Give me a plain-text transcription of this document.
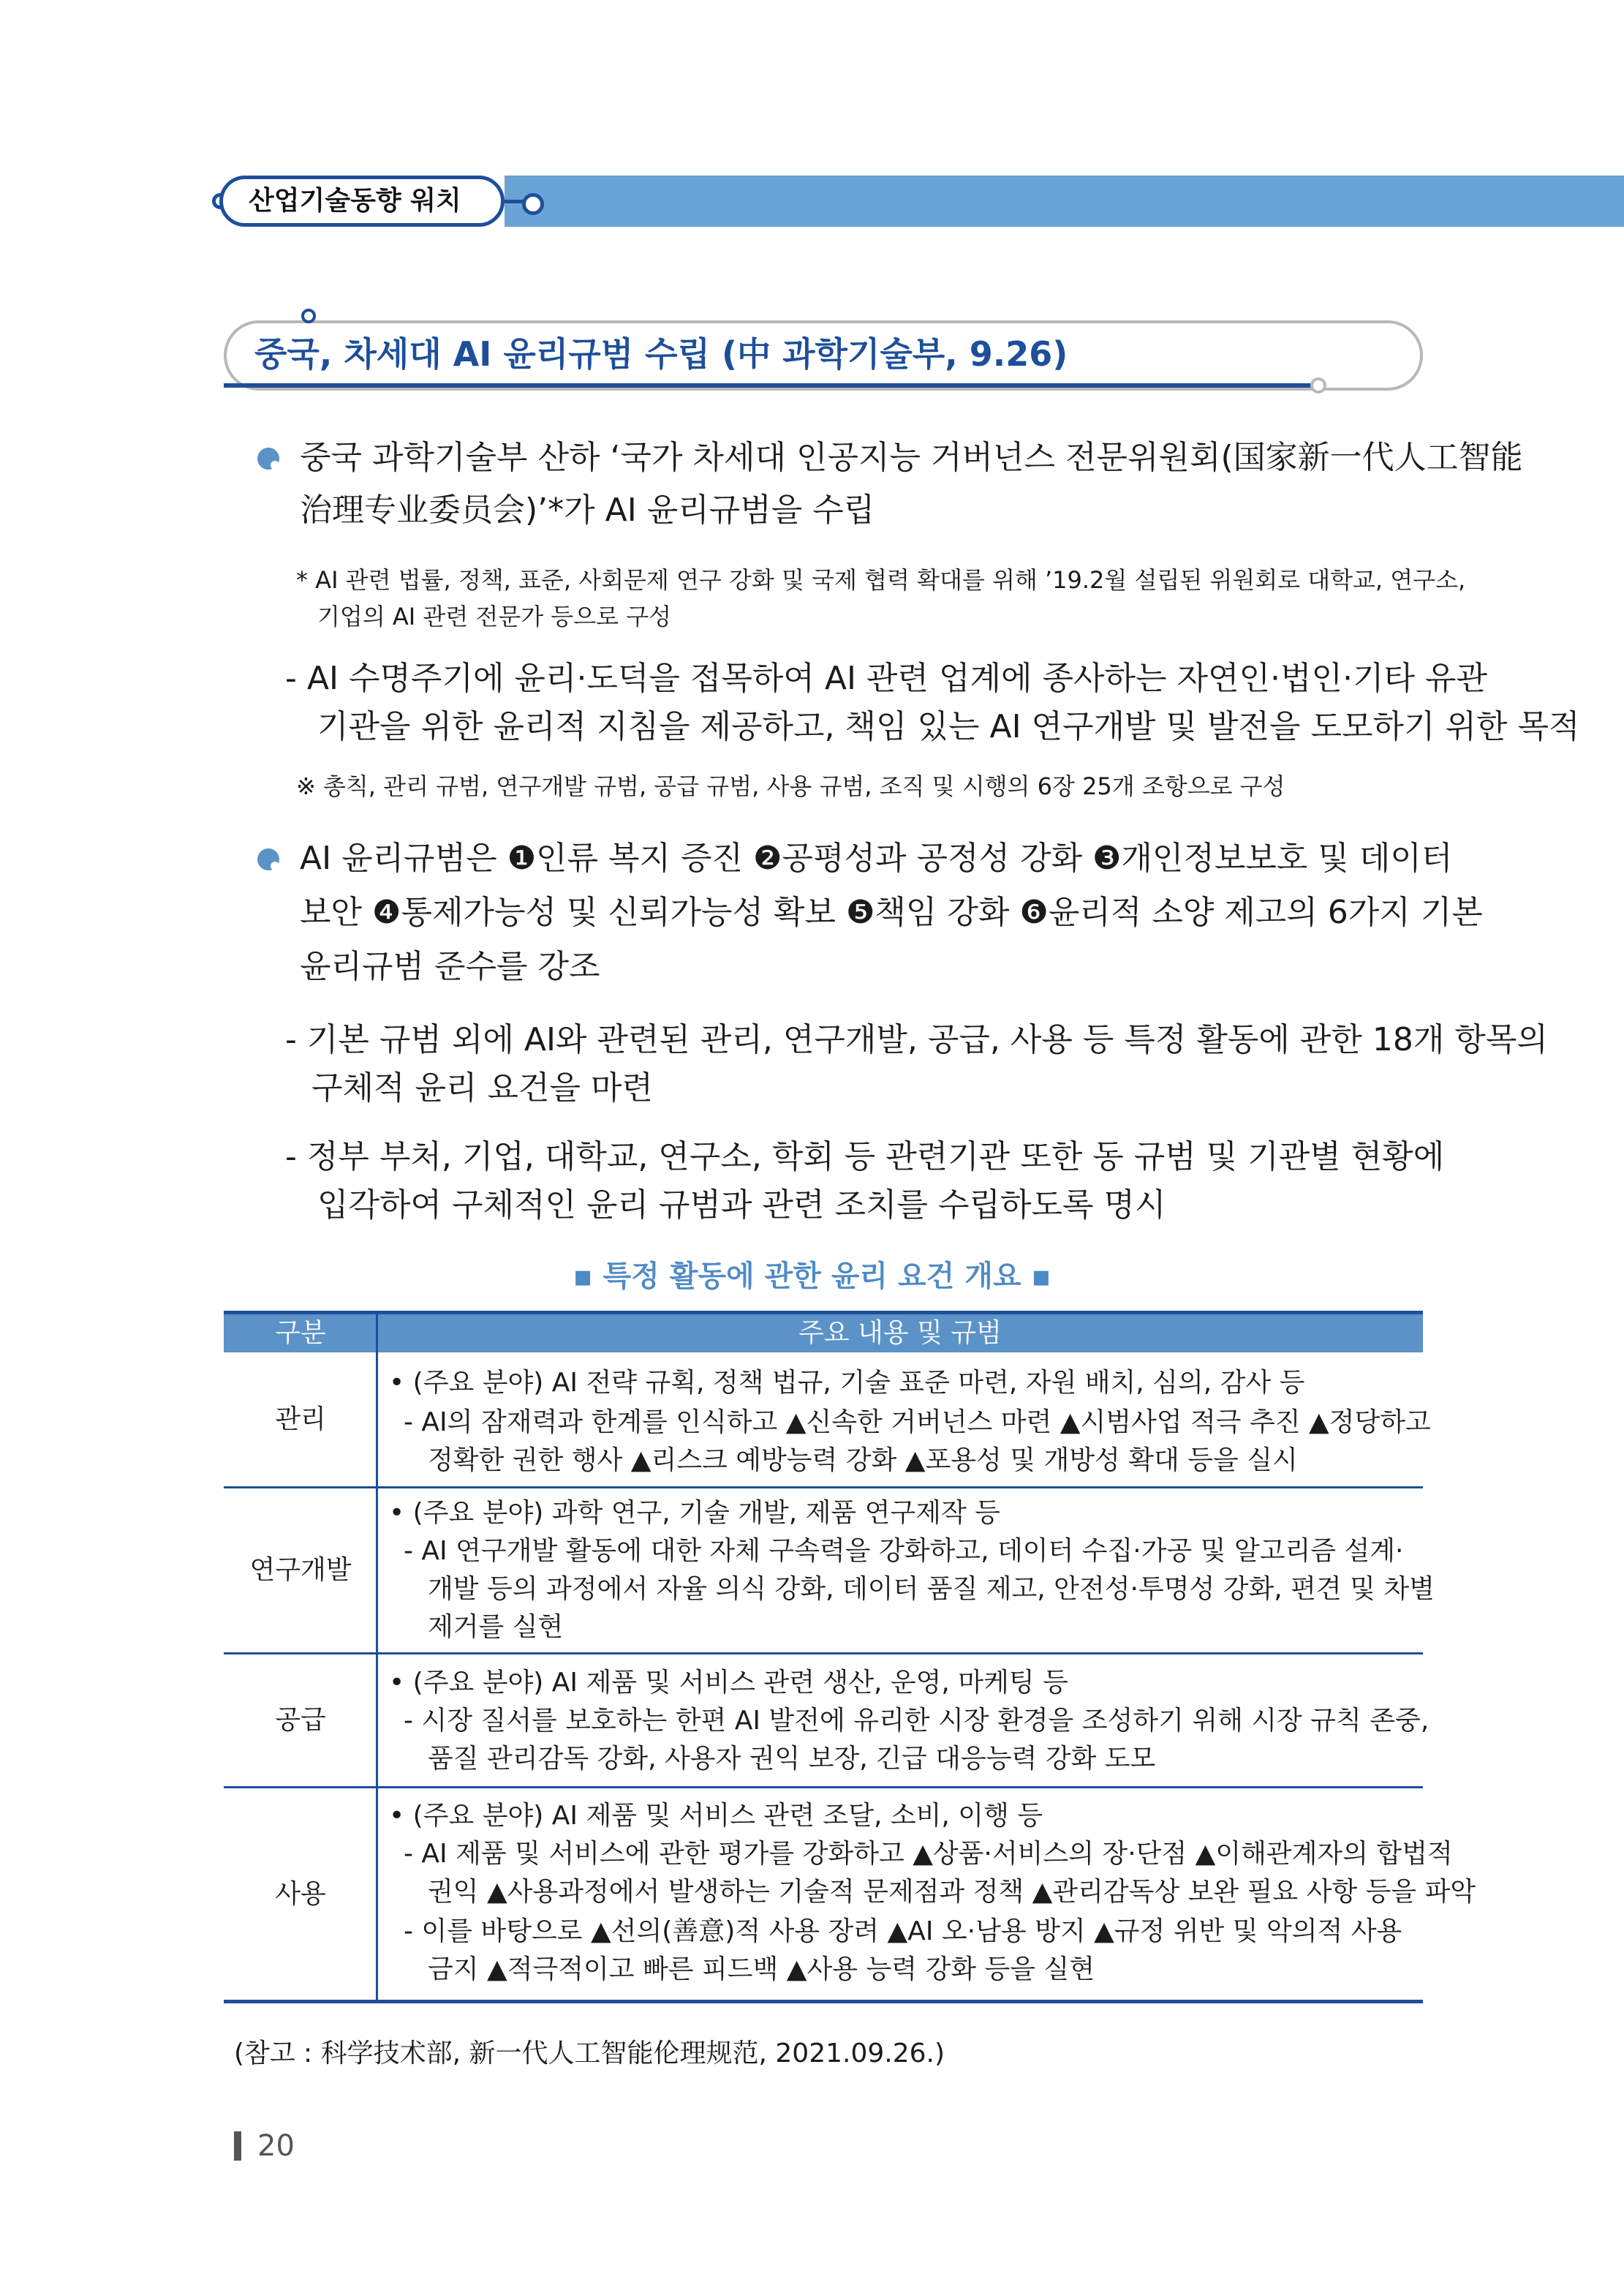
산업기술동향 워치
중국, 차세대 AI 윤리규범 수립 (中 과학기술부, 9.26)
중국 과학기술부 산하 ‘국가 차세대 인공지능 거버넌스 전문위원회(国家新一代人工智能
治理专业委员会)’*가 AI 윤리규범을 수립
* AI 관련 법률, 정책, 표준, 사회문제 연구 강화 및 국제 협력 확대를 위해 ’19.2월 설립된 위원회로 대학교, 연구소,
기업의 AI 관련 전문가 등으로 구성
- AI 수명주기에 윤리·도덕을 접목하여 AI 관련 업계에 종사하는 자연인·법인·기타 유관
기관을 위한 윤리적 지침을 제공하고, 책임 있는 AI 연구개발 및 발전을 도모하기 위한 목적
※ 총칙, 관리 규범, 연구개발 규범, 공급 규범, 사용 규범, 조직 및 시행의 6장 25개 조항으로 구성
AI 윤리규범은 ❶인류 복지 증진 ❷공평성과 공정성 강화 ❸개인정보보호 및 데이터
보안 ❹통제가능성 및 신뢰가능성 확보 ❺책임 강화 ❻윤리적 소양 제고의 6가지 기본
윤리규범 준수를 강조
- 기본 규범 외에 AI와 관련된 관리, 연구개발, 공급, 사용 등 특정 활동에 관한 18개 항목의
구체적 윤리 요건을 마련
- 정부 부처, 기업, 대학교, 연구소, 학회 등 관련기관 또한 동 규범 및 기관별 현황에
입각하여 구체적인 윤리 규범과 관련 조치를 수립하도록 명시
▪ 특정 활동에 관한 윤리 요건 개요 ▪
구분	주요 내용 및 규범
관리
• (주요 분야) AI 전략 규획, 정책 법규, 기술 표준 마련, 자원 배치, 심의, 감사 등
- AI의 잠재력과 한계를 인식하고 ▲신속한 거버넌스 마련 ▲시범사업 적극 추진 ▲정당하고
정확한 권한 행사 ▲리스크 예방능력 강화 ▲포용성 및 개방성 확대 등을 실시
연구개발
• (주요 분야) 과학 연구, 기술 개발, 제품 연구제작 등
- AI 연구개발 활동에 대한 자체 구속력을 강화하고, 데이터 수집·가공 및 알고리즘 설계·
개발 등의 과정에서 자율 의식 강화, 데이터 품질 제고, 안전성·투명성 강화, 편견 및 차별
제거를 실현
공급
• (주요 분야) AI 제품 및 서비스 관련 생산, 운영, 마케팅 등
- 시장 질서를 보호하는 한편 AI 발전에 유리한 시장 환경을 조성하기 위해 시장 규칙 존중,
품질 관리감독 강화, 사용자 권익 보장, 긴급 대응능력 강화 도모
사용
• (주요 분야) AI 제품 및 서비스 관련 조달, 소비, 이행 등
- AI 제품 및 서비스에 관한 평가를 강화하고 ▲상품·서비스의 장·단점 ▲이해관계자의 합법적
권익 ▲사용과정에서 발생하는 기술적 문제점과 정책 ▲관리감독상 보완 필요 사항 등을 파악
- 이를 바탕으로 ▲선의(善意)적 사용 장려 ▲AI 오·남용 방지 ▲규정 위반 및 악의적 사용
금지 ▲적극적이고 빠른 피드백 ▲사용 능력 강화 등을 실현
(참고 : 科学技术部, 新一代人工智能伦理规范, 2021.09.26.)
20
